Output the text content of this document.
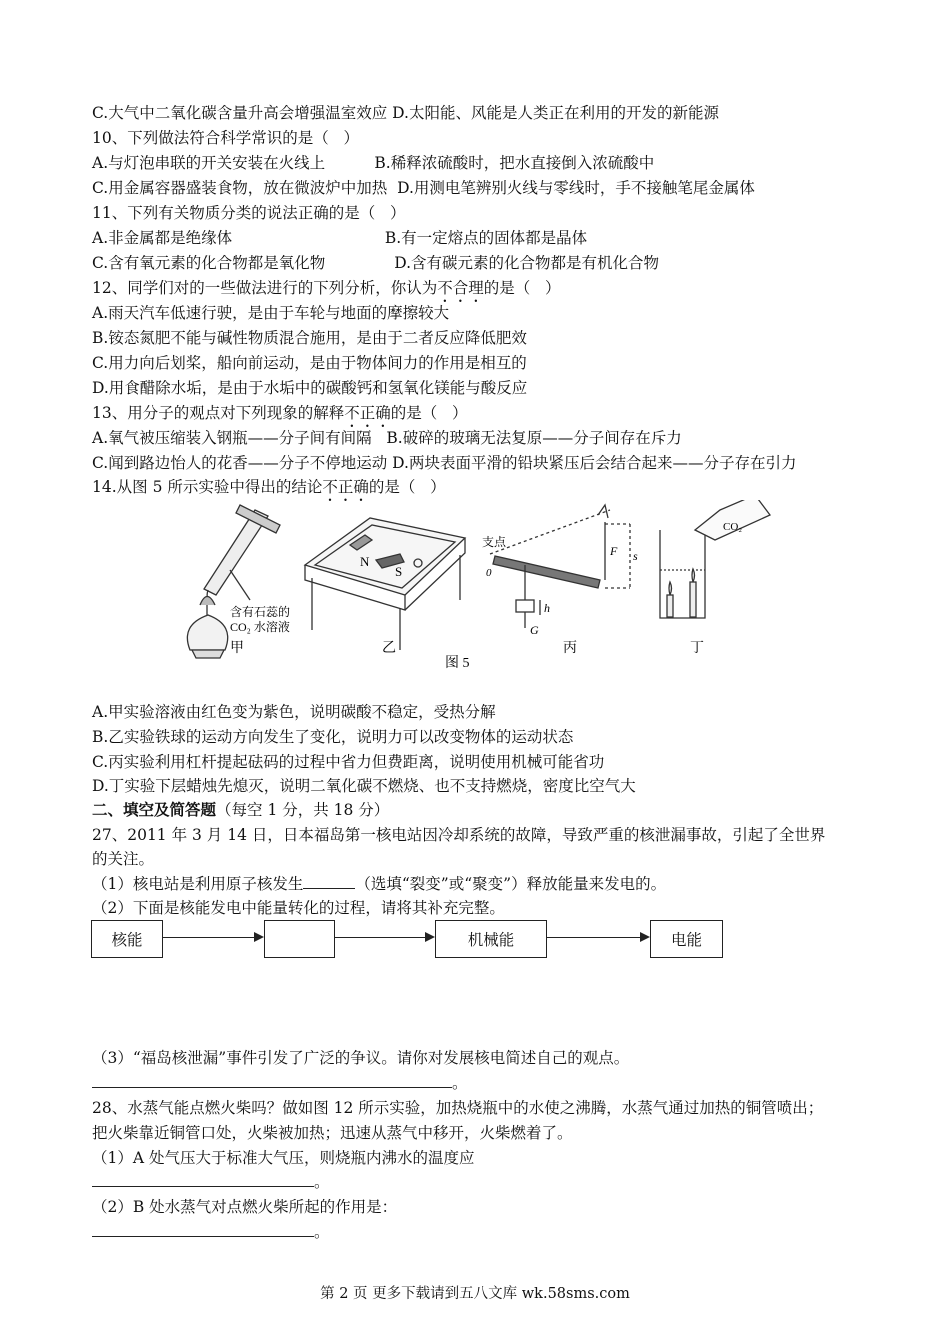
C.大气中二氧化碳含量升高会增强温室效应 D.太阳能、风能是人类正在利用的开发的新能源
10、下列做法符合科学常识的是（   ）
A.与灯泡串联的开关安装在火线上          B.稀释浓硫酸时，把水直接倒入浓硫酸中
C.用金属容器盛装食物，放在微波炉中加热  D.用测电笔辨别火线与零线时，手不接触笔尾金属体
11、下列有关物质分类的说法正确的是（   ）
A.非金属都是绝缘体                               B.有一定熔点的固体都是晶体
C.含有氧元素的化合物都是氧化物              D.含有碳元素的化合物都是有机化合物
12、同学们对的一些做法进行的下列分析，你认为不合理的是（   ）
A.雨天汽车低速行驶，是由于车轮与地面的摩擦较大
B.铵态氮肥不能与碱性物质混合施用，是由于二者反应降低肥效
C.用力向后划桨，船向前运动，是由于物体间力的作用是相互的
D.用食醋除水垢，是由于水垢中的碳酸钙和氢氧化镁能与酸反应
13、用分子的观点对下列现象的解释不正确的是（   ）
A.氧气被压缩装入钢瓶——分子间有间隔   B.破碎的玻璃无法复原——分子间存在斥力
C.闻到路边怡人的花香——分子不停地运动 D.两块表面平滑的铅块紧压后会结合起来——分子存在引力
14.从图 5 所示实验中得出的结论不正确的是（   ）
含有石蕊的
CO₂ 水溶液
甲
N
S
乙
支点
0
F s
h
G
丙
CO₂
丁
图 5
A.甲实验溶液由红色变为紫色，说明碳酸不稳定，受热分解
B.乙实验铁球的运动方向发生了变化，说明力可以改变物体的运动状态
C.丙实验利用杠杆提起砝码的过程中省力但费距离，说明使用机械可能省功
D.丁实验下层蜡烛先熄灭，说明二氧化碳不燃烧、也不支持燃烧，密度比空气大
二、填空及简答题（每空 1 分，共 18 分）
27、2011 年 3 月 14 日，日本福岛第一核电站因冷却系统的故障，导致严重的核泄漏事故，引起了全世界
的关注。
（1）核电站是利用原子核发生	（选填“裂变”或“聚变”）释放能量来发电的。
（2）下面是核能发电中能量转化的过程，请将其补充完整。
核能	机械能	电能
（3）“福岛核泄漏”事件引发了广泛的争议。请你对发展核电简述自己的观点。
。
28、水蒸气能点燃火柴吗？做如图 12 所示实验，加热烧瓶中的水使之沸腾，水蒸气通过加热的铜管喷出；
把火柴靠近铜管口处，火柴被加热；迅速从蒸气中移开，火柴燃着了。
（1）A 处气压大于标准大气压，则烧瓶内沸水的温度应
。
（2）B 处水蒸气对点燃火柴所起的作用是：
。
第 2 页 更多下载请到五八文库 wk.58sms.com
